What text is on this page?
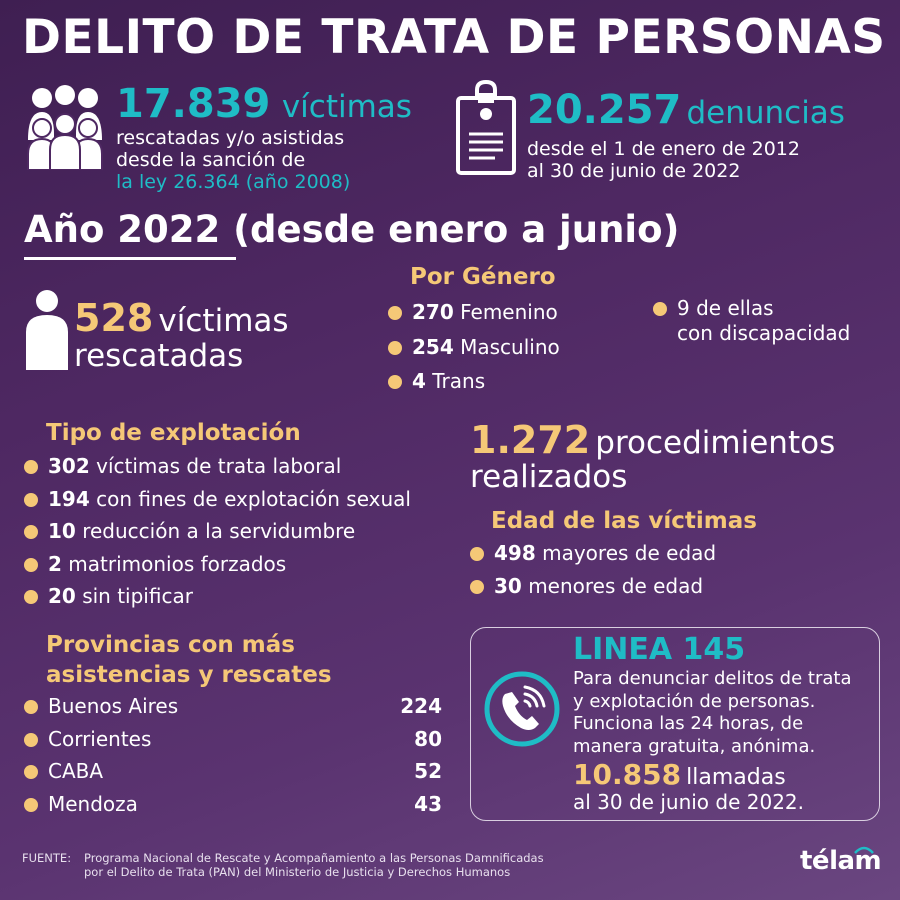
DELITO DE TRATA DE PERSONAS
17.839 víctimas
rescatadas y/o asistidas
desde la sanción de
la ley 26.364 (año 2008)
20.257 denuncias
desde el 1 de enero de 2012
al 30 de junio de 2022
Año 2022 (desde enero a junio)
528 víctimas
rescatadas
Por Género
270 Femenino
254 Masculino
4 Trans
9 de ellas
con discapacidad
Tipo de explotación
302 víctimas de trata laboral
194 con fines de explotación sexual
10 reducción a la servidumbre
2 matrimonios forzados
20 sin tipificar
1.272 procedimientos
realizados
Edad de las víctimas
498 mayores de edad
30 menores de edad
Provincias con más
asistencias y rescates
Buenos Aires	224
Corrientes	80
CABA	52
Mendoza	43
LINEA 145
Para denunciar delitos de trata
y explotación de personas.
Funciona las 24 horas, de
manera gratuita, anónima.
10.858 llamadas
al 30 de junio de 2022.
FUENTE: Programa Nacional de Rescate y Acompañamiento a las Personas Damnificadas
por el Delito de Trata (PAN) del Ministerio de Justicia y Derechos Humanos	télam
